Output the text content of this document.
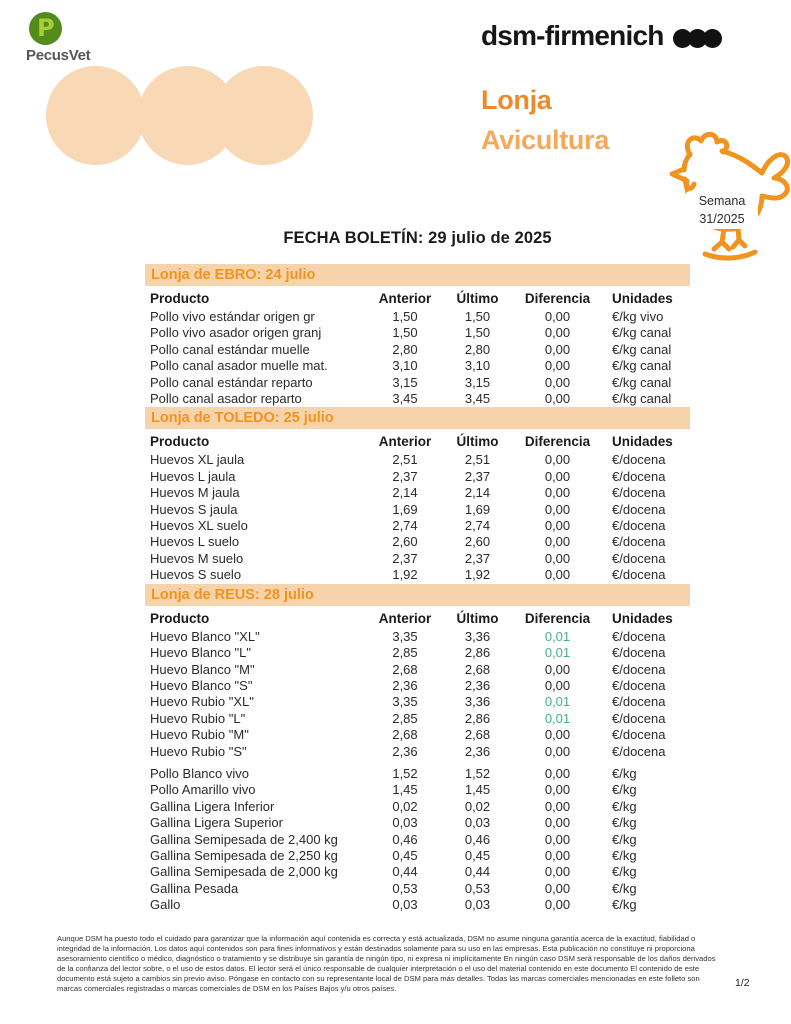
P
PecusVet
dsm-firmenich
Lonja
Avicultura
Semana
31/2025
FECHA BOLETÍN: 29 julio de 2025
Lonja de EBRO: 24 julio
Producto	Anterior	Último	Diferencia	Unidades
Pollo vivo estándar origen gr	1,50	1,50	0,00	€/kg vivo
Pollo vivo asador origen granj	1,50	1,50	0,00	€/kg canal
Pollo canal estándar muelle	2,80	2,80	0,00	€/kg canal
Pollo canal asador muelle mat.	3,10	3,10	0,00	€/kg canal
Pollo canal estándar reparto	3,15	3,15	0,00	€/kg canal
Pollo canal asador reparto	3,45	3,45	0,00	€/kg canal
Lonja de TOLEDO: 25 julio
Producto	Anterior	Último	Diferencia	Unidades
Huevos XL jaula	2,51	2,51	0,00	€/docena
Huevos L jaula	2,37	2,37	0,00	€/docena
Huevos M jaula	2,14	2,14	0,00	€/docena
Huevos S jaula	1,69	1,69	0,00	€/docena
Huevos XL suelo	2,74	2,74	0,00	€/docena
Huevos L suelo	2,60	2,60	0,00	€/docena
Huevos M suelo	2,37	2,37	0,00	€/docena
Huevos S suelo	1,92	1,92	0,00	€/docena
Lonja de REUS: 28 julio
Producto	Anterior	Último	Diferencia	Unidades
Huevo Blanco "XL"	3,35	3,36	0,01	€/docena
Huevo Blanco "L"	2,85	2,86	0,01	€/docena
Huevo Blanco "M"	2,68	2,68	0,00	€/docena
Huevo Blanco "S"	2,36	2,36	0,00	€/docena
Huevo Rubio "XL"	3,35	3,36	0,01	€/docena
Huevo Rubio "L"	2,85	2,86	0,01	€/docena
Huevo Rubio "M"	2,68	2,68	0,00	€/docena
Huevo Rubio "S"	2,36	2,36	0,00	€/docena
Pollo Blanco vivo	1,52	1,52	0,00	€/kg
Pollo Amarillo vivo	1,45	1,45	0,00	€/kg
Gallina Ligera Inferior	0,02	0,02	0,00	€/kg
Gallina Ligera Superior	0,03	0,03	0,00	€/kg
Gallina Semipesada de 2,400 kg	0,46	0,46	0,00	€/kg
Gallina Semipesada de 2,250 kg	0,45	0,45	0,00	€/kg
Gallina Semipesada de 2,000 kg	0,44	0,44	0,00	€/kg
Gallina Pesada	0,53	0,53	0,00	€/kg
Gallo	0,03	0,03	0,00	€/kg
Aunque DSM ha puesto todo el cuidado para garantizar que la información aquí contenida es correcta y está actualizada, DSM no asume ninguna garantía acerca de la exactitud, fiabilidad o integridad de la información. Los datos aquí contenidos son para fines informativos y están destinados solamente para su uso en las empresas. Esta publicación no constituye ni proporciona asesoramiento científico o médico, diagnóstico o tratamiento y se distribuye sin garantía de ningún tipo, ni expresa ni implícitamente En ningún caso DSM será responsable de los daños derivados de la confianza del lector sobre, o el uso de estos datos. El lector será el único responsable de cualquier interpretación o el uso del material contenido en este documento El contenido de este documento está sujeto a cambios sin previo aviso. Póngase en contacto con su representante local de DSM para más detalles. Todas las marcas comerciales mencionadas en este folleto son marcas comerciales registradas o marcas comerciales de DSM en los Países Bajos y/u otros países.	1/2
